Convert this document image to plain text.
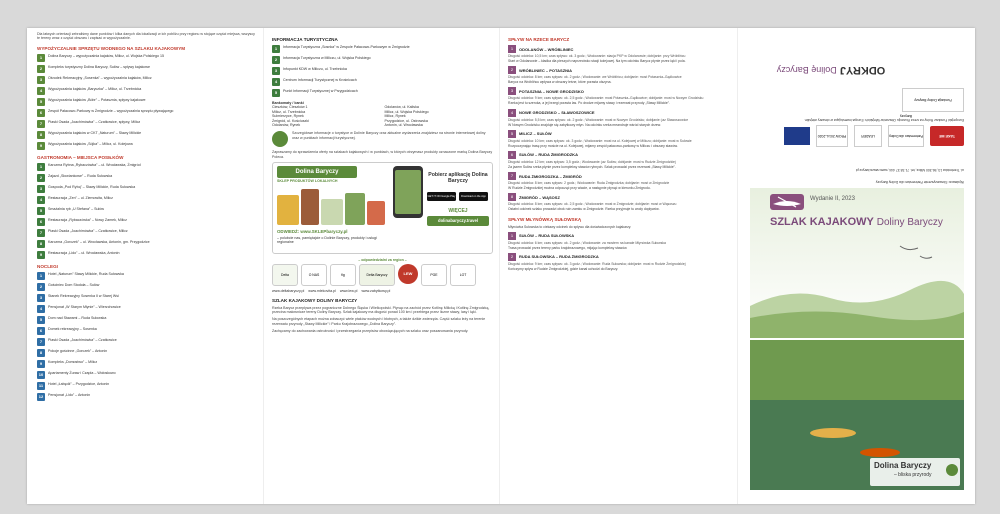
Dla łatwych orientacji zebraliśmy dane punktów i kilka danych dla lokalizacji w ich pobliżu przy regionu w stojące części miejsca, wszyscy te tereny wraz z części obszaru i zapisać w wypożyczalnie.

WYPOŻYCZALNIE SPRZĘTU WODNEGO NA SZLAKU KAJAKOWYM
1	Dolina Baryczy – wypożyczalnia kajaków, Milicz, ul. Wojska Polskiego 15
2	Kompleks turystyczny Dolina Baryczy, Sułów – spływy kajakowe
3	Ośrodek Rekreacyjny „Sosenka” – wypożyczalnia kajaków, Milicz
4	Wypożyczalnia kajaków „Baryczka” – Milicz, ul. Trzebnicka
5	Wypożyczalnia kajaków „Bóbr” – Potasznia, spływy kajakowe
6	Zespół Pałacowo-Parkowy w Żmigrodzie – wypożyczalnia sprzętu pływającego
7	Piaski Osada „Joachimówka” – Czatkowice, spływy, Milicz
8	Wypożyczalnia kajaków w CKT „Naturum” – Sławy Milickie
9	Wypożyczalnia kajaków „Sójka” – Milicz, ul. Kolejowa
GASTRONOMIA – MIEJSCA POSIŁKÓW
1	Karczma Rybna „Rybaczówka” – ul. Wrocławska, Żmigród
2	Zajazd „Słowiankowe” – Ruda Sułowska
3	Gospoda „Pod Rybą” – Sławy Milickie, Ruda Sułowska
4	Restauracja „Zen” – ul. Ziemowita, Milicz
5	Smażalnia ryb „U Stefana” – Sułów
6	Restauracja „Rybaczówka” – Nowy Zamek, Milicz
7	Piaski Osada „Joachimówka” – Czatkowice, Milicz
8	Karczma „Gorczek” – ul. Wrocławska, Antonin, gm. Przygodzice
9	Restauracja „Lido” – ul. Wrocławska, Antonin
NOCLEGI
1	Hotel „Naturum” Sławy Milickie, Ruda Sułowska
2	Gościniec Dom Stodoła – Sułów
3	Stanek Rekreacyjny Sosenka II w Starej Wsi
4	Pensjonat „W Starym Młynie” – Wierzchowice
5	Dom nad Stawami – Ruda Sułowska
6	Domek rekreacyjny – Sosenka
7	Piaski Osada „Joachimówka” – Czatkowice
8	Pokoje gościnne „Gorczek” – Antonin
9	Kompleks „Domostwo” – Milicz
10	Apartamenty Żuraw i Czapla – Wołoskowo
11	Hotel „Łabędź” – Przygodzice, Antonin
12	Pensjonat „Lido” – Antonin
INFORMACJA TURYSTYCZNA
1	Informacja Turystyczna „Sosnka” w Zespole Pałacowo-Parkowym w Żmigrodzie
2	Informacja Turystyczna w Miliczu, ul. Wojska Polskiego
3	Infopunkt KDW w Miliczu, ul. Trzebnicka
4	Centrum Informacji Turystycznej w Krośnicach
5	Punkt Informacji Turystycznej w Przygodzicach
Bankomaty / banki

Cieszków, Cieszków 1

Milicz, ul. Trzebnicka

Sulmierzyce, Rynek

Żmigród, ul. Kościuszki

Odolanów, Rynek

Odolanów, ul. Kaliska

Milicz, ul. Wojska Polskiego

Milicz, Rynek

Przygodzice, ul. Ostrowska

Antonin, ul. Wrocławska

Szczegółowe informacje o turystyce w Dolinie Baryczy oraz aktualne wydarzenia znajdziesz na stronie internetowej doliny oraz w punktach informacji turystycznej.

Zapraszamy do sprawdzenia oferty na szlakach kajakowych i w punktach, w których otrzymasz produkty oznaczone marką Dolina Baryczy Poleca.

Dolina Baryczy
SKLEP PRODUKTÓW LOKALNYCH
ODWIEDŹ: www.SKLEPbaryczy.pl
– polubcie nas, pamiętajcie o Dolinie Baryczy, produkty i usługi regionalne
Pobierz aplikację Dolina Baryczy
GET IT ON Google Play	Download on the App Store
WIĘCEJ
dolinabaryczy.travel
– odpowiedzialni za region –
Delta	O NAS	fig	Delta Baryczy	LEW	PGE	LOT
www.deltabaryczy.pl www.mlekovita.pl www.lew.pl www.zabytkowy.pl
SZLAK KAJAKOWY DOLINY BARYCZY

Rzeka Barycz przepływa przez pograniczne Dolnego Śląska i Wielkopolski. Płynąc na zachód przez Kotlinę Milicką i Kotlinę Żmigrodzką, przecina malownicze tereny Doliny Baryczy. Szlak kajakowy ma długość ponad 100 km i przebiega przez liczne stawy, lasy i łąki.

Na poszczególnych etapach można zobaczyć wiele ptaków wodnych i błotnych, a także dzikie zwierzęta. Część szlaku leży na terenie rezerwatu przyrody „Stawy Milickie” i Parku Krajobrazowego „Dolina Baryczy”.

Zachęcamy do zachowania ostrożności i przestrzegania przepisów obowiązujących na szlaku oraz poszanowania przyrody.

SPŁYW NA RZECE BARYCZ
1	ODOLANÓW – WRÓBLINIEC

Długość odcinka: 10,5 km; czas spływu: ok. 3 godz.; Wodowanie: stacja PKP w Odolanowie; dobijanie: przy Wróblińcu

Start w Odolanowie – kładka dla pieszych naprzeciwko stacji kolejowej. Na tym odcinku Barycz płynie przez łąki i pola.

2	WRÓBLINIEC – POTASZNIA

Długość odcinka: 8 km; czas spływu: ok. 2 godz.; Wodowanie: we Wróblińcu; dobijanie: most Potasznia–Gądkowice

Barycz na Wróblińcu wpływa w obszary leśne, które porasta olszyna.

3	POTASZNIA – NOWE GRODZISKO

Długość odcinka: 9 km; czas spływu: ok. 2,5 godz.; Wodowanie: most Potasznia–Gądkowice; dobijanie: most w Nowym Grodzisku

Rzeka jest tu szeroka, a jej brzegi porasta las. Po drodze mijamy stawy i rezerwat przyrody „Stawy Milickie”.

4	NOWE GRODZISKO – SŁAWOSZOWICE

Długość odcinka: 5,5 km; czas spływu: ok. 2 godz.; Wodowanie: most w Nowym Grodzisku; dobijanie: jaz Sławoszowice

W Nowym Grodzisku znajduje się zabytkowy młyn. Na odcinku rzeka meandruje wśród starych drzew.

5	MILICZ – SUŁÓW

Długość odcinka: 10 km; czas spływu: ok. 3 godz.; Wodowanie: most na ul. Kolejowej w Miliczu; dobijanie: most w Sułowie

Rozpoczynając trasę przy moście na ul. Kolejowej, mijamy zespół pałacowo-parkowy w Miliczu i obszary stawów.

6	SUŁÓW – RUDA ŻMIGRODZKA

Długość odcinka: 12 km; czas spływu: 3,5 godz.; Wodowanie: jaz Sułów; dobijanie: most w Rudzie Żmigrodzkiej

Za jazem Sułów rzeka płynie przez kompleksy stawów rybnych. Szlak prowadzi przez rezerwat „Stawy Milickie”.

7	RUDA ŻMIGRODZKA – ŻMIGRÓD

Długość odcinka: 8 km; czas spływu: 2 godz.; Wodowanie: Ruda Żmigrodzka; dobijanie: most w Żmigrodzie

W Rudzie Żmigrodzkiej można odpocząć przy wiacie, a następnie płynąć w kierunku Żmigrodu.

8	ŻMIGRÓD – WĄSOSZ

Długość odcinka: 8 km; czas spływu: ok. 2,5 godz.; Wodowanie: most w Żmigrodzie; dobijanie: most w Wąsoszu

Ostatni odcinek szlaku prowadzi obok ruin zamku w Żmigrodzie. Rzeka przyjmuje tu wody dopływów.

SPŁYW MŁYNÓWKĄ SUŁOWSKĄ

Młynówka Sułowska to ciekawy odcinek do spływu dla doświadczonych kajakarzy.

1	SUŁÓW – RUDA SUŁOWSKA

Długość odcinka: 6 km; czas spływu: ok. 2 godz.; Wodowanie: za mostem na kanale Młynówka Sułowska

Trasa prowadzi przez tereny parku krajobrazowego, mijając kompleksy stawów.

2	RUDA SUŁOWSKA – RUDA ŻMIGRODZKA

Długość odcinka: 9 km; czas spływu: ok. 3 godz.; Wodowanie: Ruda Sułowska; dobijanie: most w Rudzie Żmigrodzkiej

Kończymy spływ w Rudzie Żmigrodzkiej, gdzie kanał uchodzi do Baryczy.

Wydawca: Stowarzyszenie Partnerstwo dla Doliny Baryczy
ul. Trzebnicka 13, 56-300 Milicz, tel. 71 38 37 444, www.nasza.barycz.pl
TAKE ME
Partnerstwo dla Doliny Baryczy
LEADER
PROW 2014–2020
Europejski Fundusz Rolny na rzecz Rozwoju Obszarów Wiejskich: Europa inwestująca w obszary wiejskie.
Fundacja Doliny Baryczy
ODKRYJ Dolinę Baryczy
Wydanie II, 2023
SZLAK KAJAKOWY Doliny Baryczy
Dolina Baryczy
– bliska przyrody
